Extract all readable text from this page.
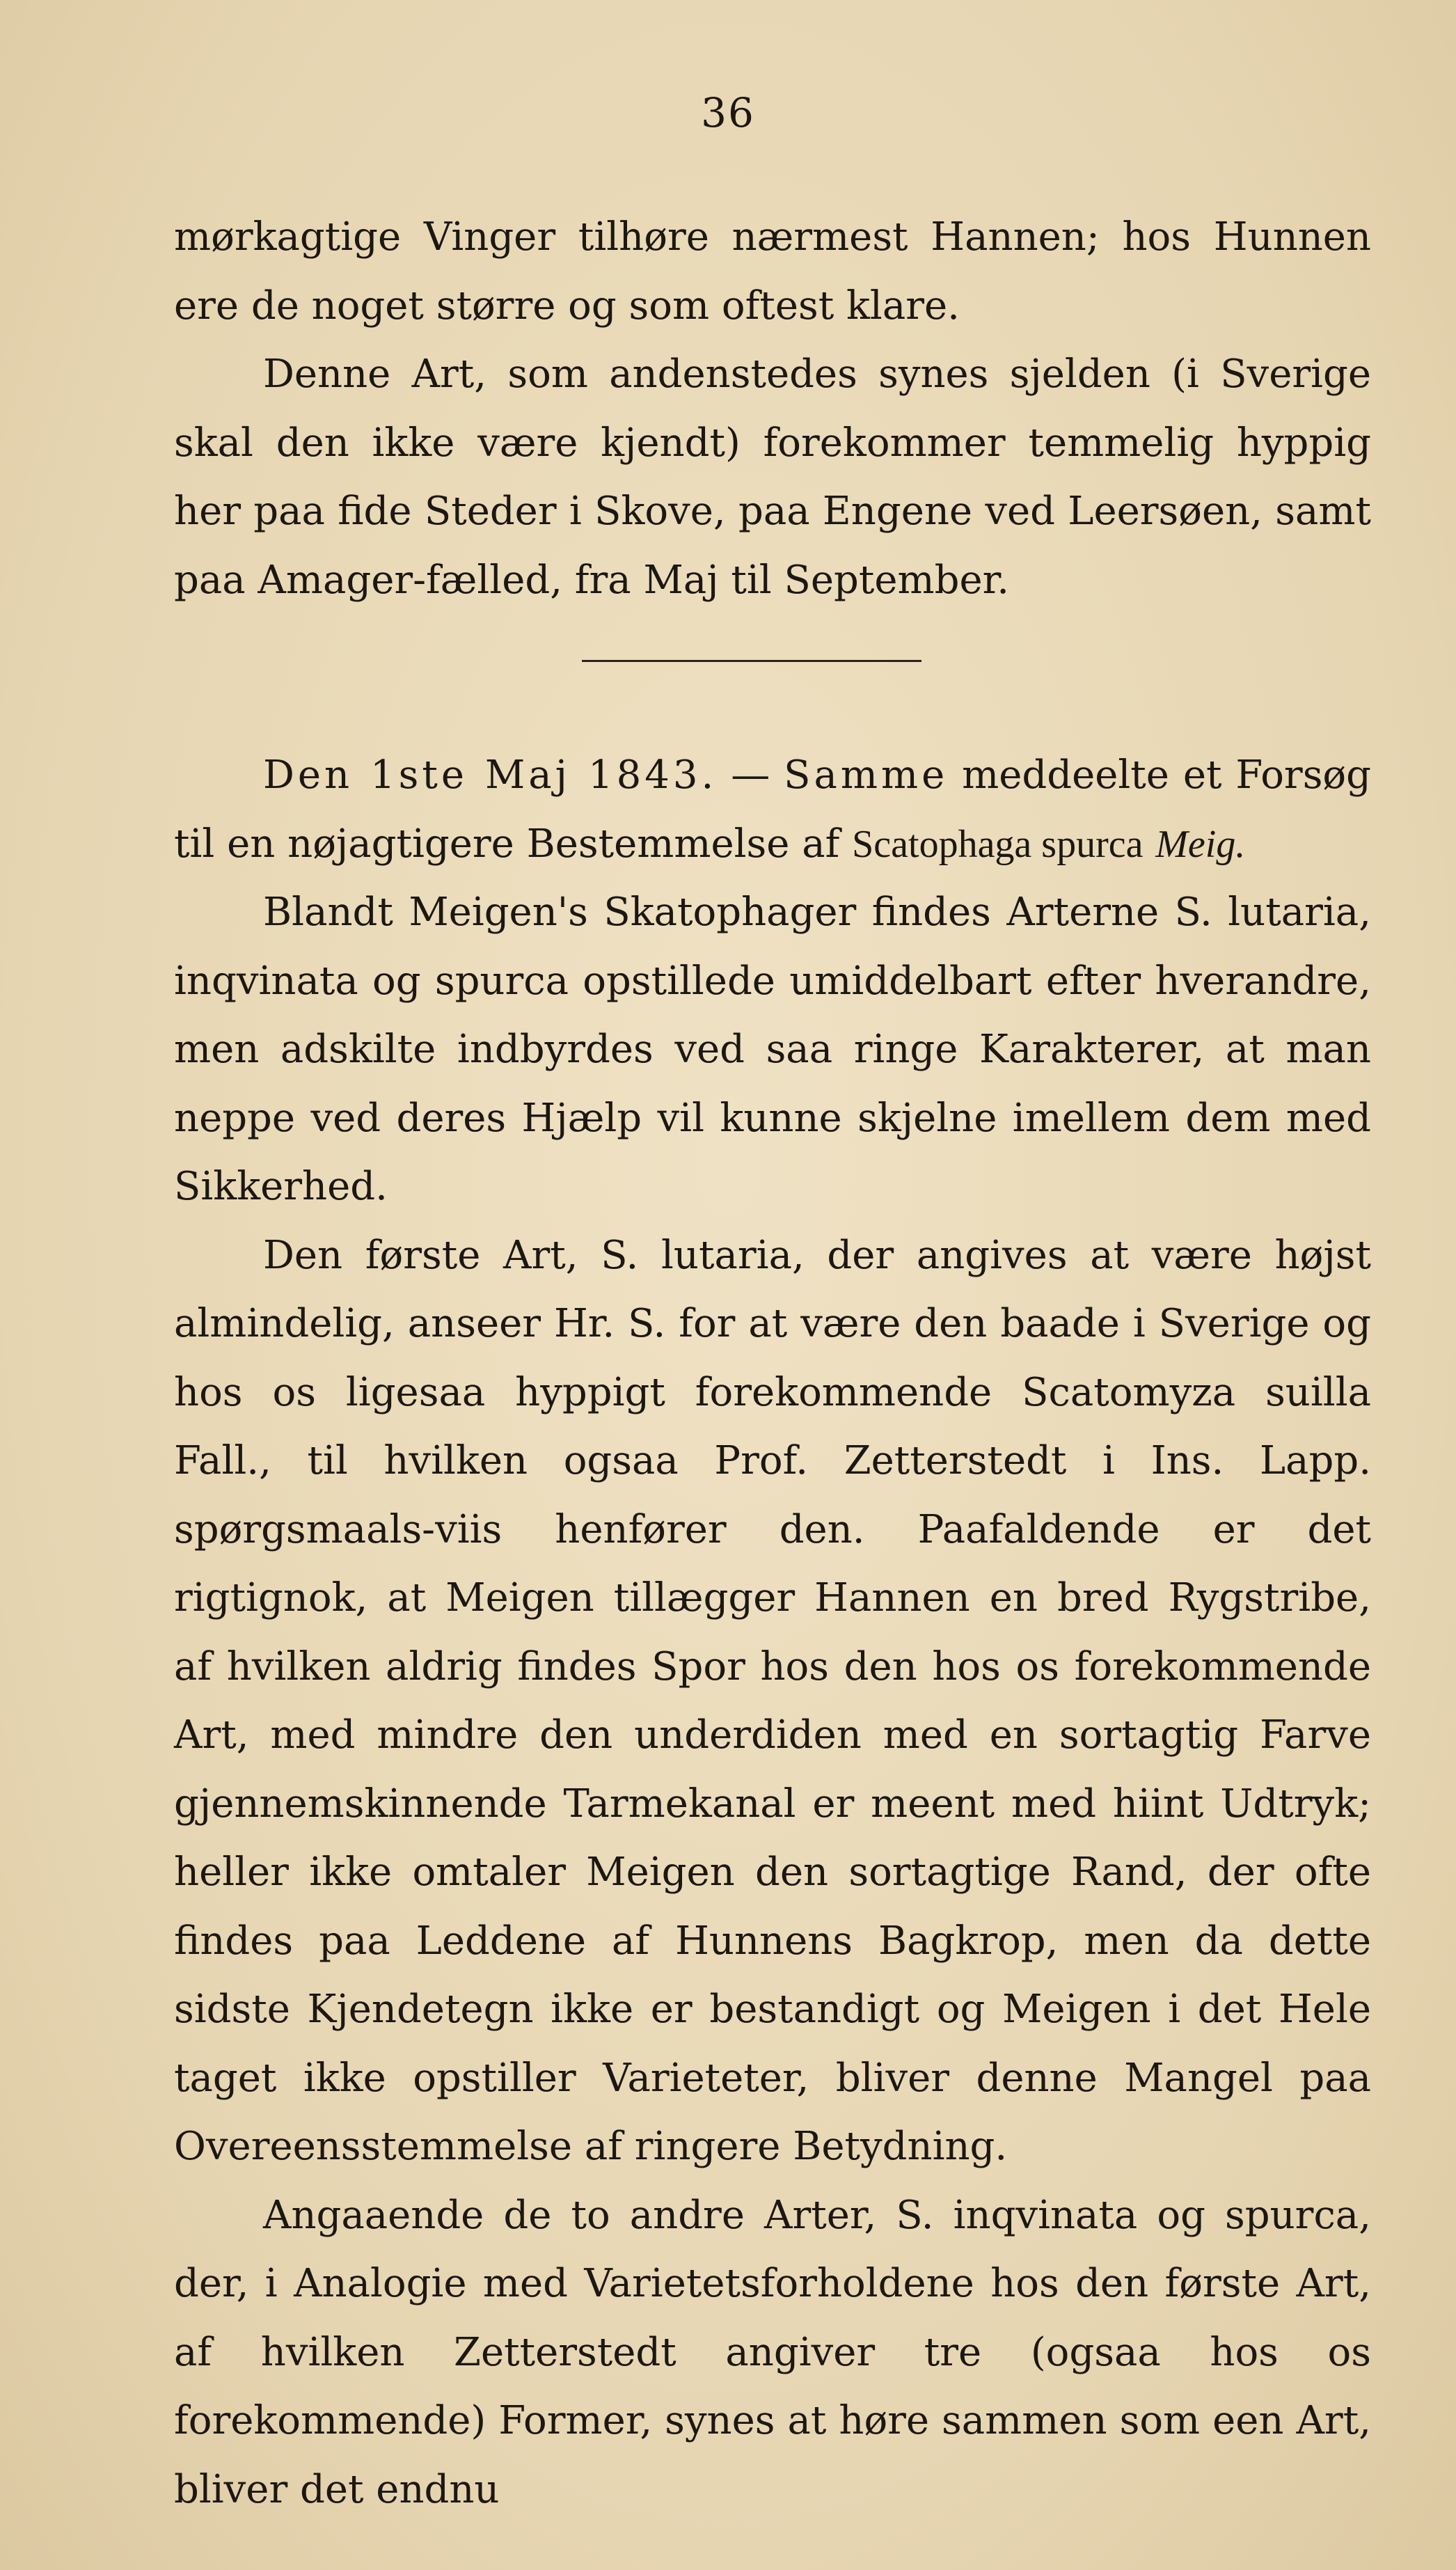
36

mørkagtige Vinger tilhøre nærmest Hannen; hos Hunnen ere de noget større og som oftest klare.

Denne Art, som andenstedes synes sjelden (i Sverige skal den ikke være kjendt) forekommer temmelig hyppig her paa fide Steder i Skove, paa Engene ved Leersøen, samt paa Amager-fælled, fra Maj til September.

Den 1ste Maj 1843. — Samme meddeelte et Forsøg til en nøjagtigere Bestemmelse af Scatophaga spurca Meig.

Blandt Meigen's Skatophager findes Arterne S. lutaria, inqvinata og spurca opstillede umiddelbart efter hverandre, men adskilte indbyrdes ved saa ringe Karakterer, at man neppe ved deres Hjælp vil kunne skjelne imellem dem med Sikkerhed.

Den første Art, S. lutaria, der angives at være højst almindelig, anseer Hr. S. for at være den baade i Sverige og hos os ligesaa hyppigt forekommende Scatomyza suilla Fall., til hvilken ogsaa Prof. Zetterstedt i Ins. Lapp. spørgsmaals-viis henfører den. Paafaldende er det rigtignok, at Meigen tillægger Hannen en bred Rygstribe, af hvilken aldrig findes Spor hos den hos os forekommende Art, med mindre den underdiden med en sortagtig Farve gjennemskinnende Tarmekanal er meent med hiint Udtryk; heller ikke omtaler Meigen den sortagtige Rand, der ofte findes paa Leddene af Hunnens Bagkrop, men da dette sidste Kjendetegn ikke er bestandigt og Meigen i det Hele taget ikke opstiller Varieteter, bliver denne Mangel paa Overeensstemmelse af ringere Betydning.

Angaaende de to andre Arter, S. inqvinata og spurca, der, i Analogie med Varietetsforholdene hos den første Art, af hvilken Zetterstedt angiver tre (ogsaa hos os forekommende) Former, synes at høre sammen som een Art, bliver det endnu
